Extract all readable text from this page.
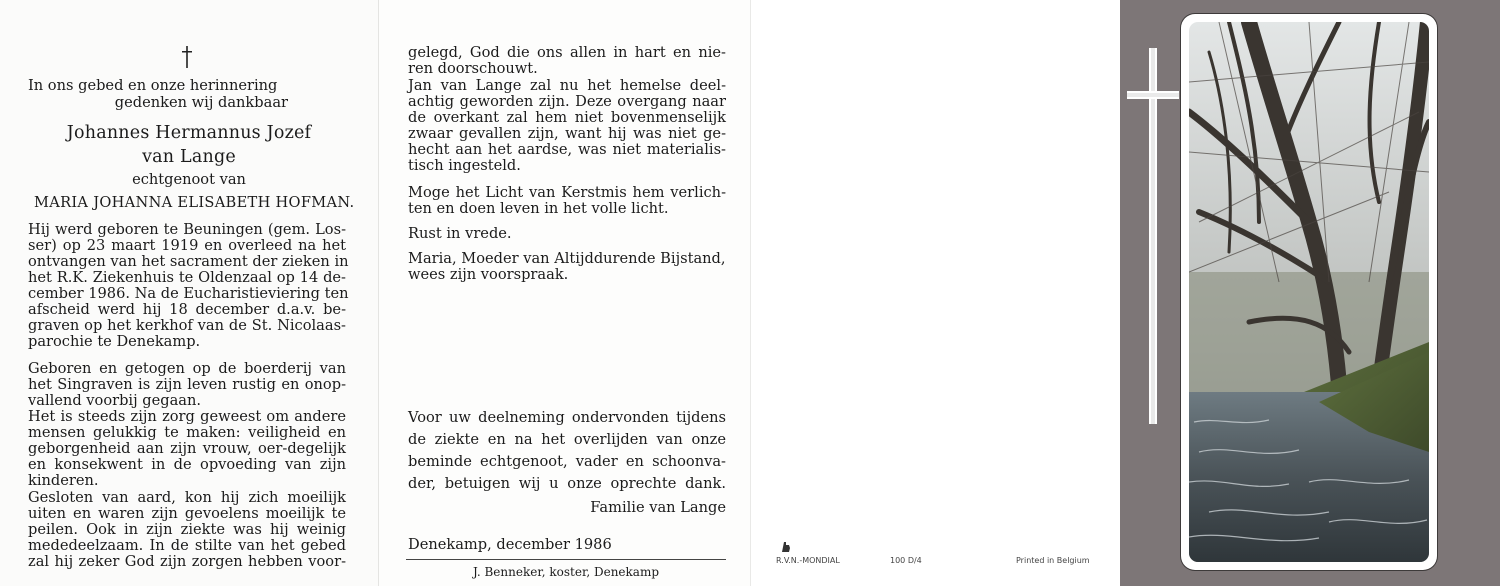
In ons gebed en onze herinnering
gedenken wij dankbaar
Johannes Hermannus Jozef
van Lange
echtgenoot van
MARIA JOHANNA ELISABETH HOFMAN.
Hij werd geboren te Beuningen (gem. Los-
ser) op 23 maart 1919 en overleed na het
ontvangen van het sacrament der zieken in
het R.K. Ziekenhuis te Oldenzaal op 14 de-
cember 1986. Na de Eucharistieviering ten
afscheid werd hij 18 december d.a.v. be-
graven op het kerkhof van de St. Nicolaas-
parochie te Denekamp.
Geboren en getogen op de boerderij van
het Singraven is zijn leven rustig en onop-
vallend voorbij gegaan.
Het is steeds zijn zorg geweest om andere
mensen gelukkig te maken: veiligheid en
geborgenheid aan zijn vrouw, oer-degelijk
en konsekwent in de opvoeding van zijn
kinderen.
Gesloten van aard, kon hij zich moeilijk
uiten en waren zijn gevoelens moeilijk te
peilen. Ook in zijn ziekte was hij weinig
mededeelzaam. In de stilte van het gebed
zal hij zeker God zijn zorgen hebben voor-
gelegd, God die ons allen in hart en nie-
ren doorschouwt.
Jan van Lange zal nu het hemelse deel-
achtig geworden zijn. Deze overgang naar
de overkant zal hem niet bovenmenselijk
zwaar gevallen zijn, want hij was niet ge-
hecht aan het aardse, was niet materialis-
tisch ingesteld.
Moge het Licht van Kerstmis hem verlich-
ten en doen leven in het volle licht.
Rust in vrede.
Maria, Moeder van Altijddurende Bijstand,
wees zijn voorspraak.
Voor uw deelneming ondervonden tijdens
de ziekte en na het overlijden van onze
beminde echtgenoot, vader en schoonva-
der, betuigen wij u onze oprechte dank.
Familie van Lange
Denekamp, december 1986
J. Benneker, koster, Denekamp
R.V.N.-MONDIAL	100 D/4	Printed in Belgium
